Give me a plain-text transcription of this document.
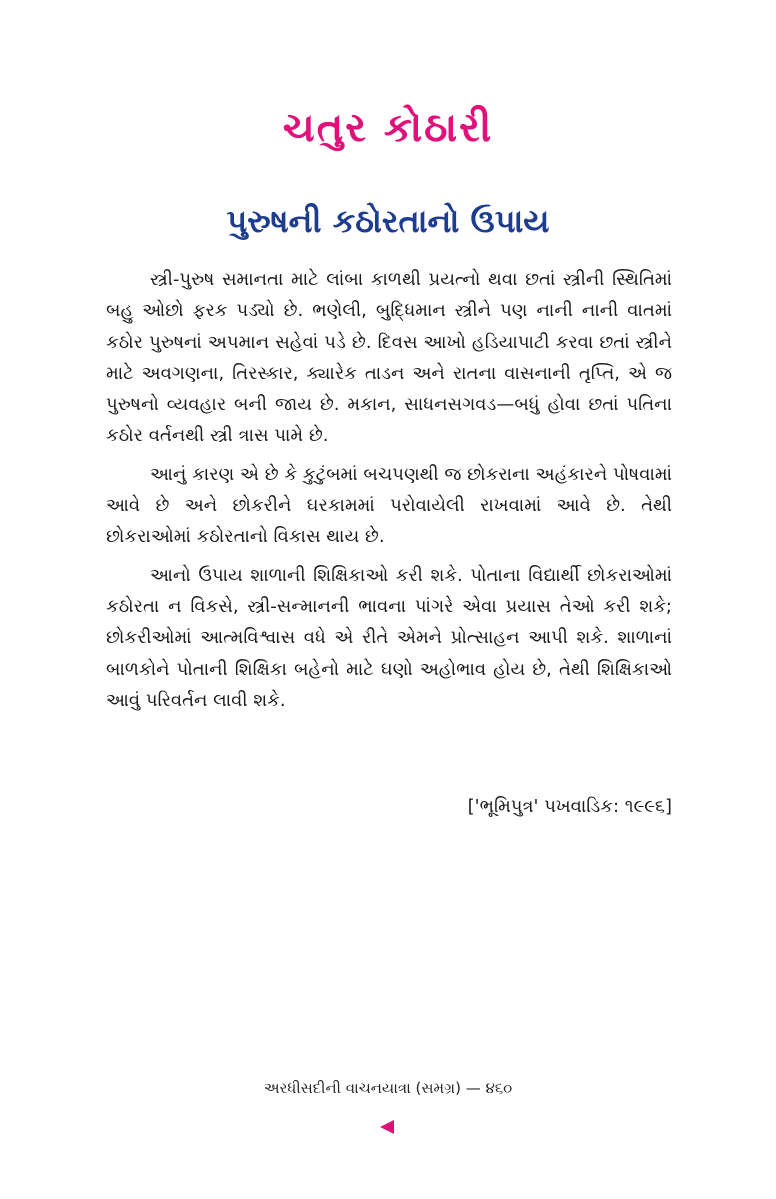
ચતુર કોઠારી
પુરુષની કઠોરતાનો ઉપાય

સ્ત્રી-પુરુષ સમાનતા માટે લાંબા કાળથી પ્રયત્નો થવા છતાં સ્ત્રીની સ્થિતિમાં બહુ ઓછો ફરક પડ્યો છે. ભણેલી, બુદ્ધિમાન સ્ત્રીને પણ નાની નાની વાતમાં કઠોર પુરુષનાં અપમાન સહેવાં પડે છે. દિવસ આખો હડિયાપાટી કરવા છતાં સ્ત્રીને માટે અવગણના, તિરસ્કાર, ક્યારેક તાડન અને રાતના વાસનાની તૃપ્તિ, એ જ પુરુષનો વ્યવહાર બની જાય છે. મકાન, સાધનસગવડ—બધું હોવા છતાં પતિના કઠોર વર્તનથી સ્ત્રી ત્રાસ પામે છે.

આનું કારણ એ છે કે કુટુંબમાં બચપણથી જ છોકરાના અહંકારને પોષવામાં આવે છે અને છોકરીને ઘરકામમાં પરોવાયેલી રાખવામાં આવે છે. તેથી છોકરાઓમાં કઠોરતાનો વિકાસ થાય છે.

આનો ઉપાય શાળાની શિક્ષિકાઓ કરી શકે. પોતાના વિદ્યાર્થી છોકરાઓમાં કઠોરતા ન વિકસે, સ્ત્રી-સન્માનની ભાવના પાંગરે એવા પ્રયાસ તેઓ કરી શકે; છોકરીઓમાં આત્મવિશ્વાસ વધે એ રીતે એમને પ્રોત્સાહન આપી શકે. શાળાનાં બાળકોને પોતાની શિક્ષિકા બહેનો માટે ઘણો અહોભાવ હોય છે, તેથી શિક્ષિકાઓ આવું પરિવર્તન લાવી શકે.

['ભૂમિપુત્ર' પખવાડિક: ૧૯૯૬]
અરધીસદીની વાચનયાત્રા (સમગ્ર) — ૪૬૦
